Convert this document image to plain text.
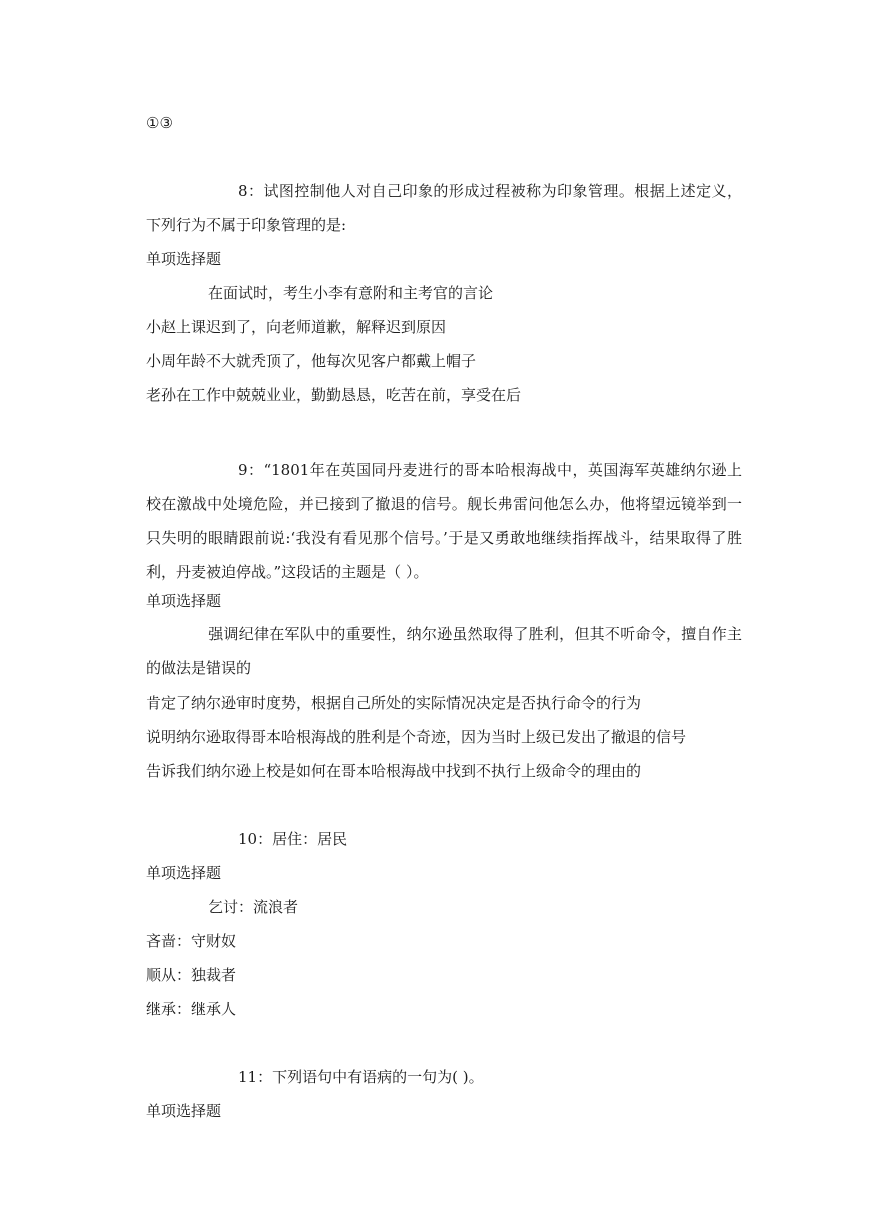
①③
8：试图控制他人对自己印象的形成过程被称为印象管理。根据上述定义，下列行为不属于印象管理的是:
单项选择题
在面试时，考生小李有意附和主考官的言论
小赵上课迟到了，向老师道歉，解释迟到原因
小周年龄不大就秃顶了，他每次见客户都戴上帽子
老孙在工作中兢兢业业，勤勤恳恳，吃苦在前，享受在后
9：“1801年在英国同丹麦进行的哥本哈根海战中，英国海军英雄纳尔逊上校在激战中处境危险，并已接到了撤退的信号。舰长弗雷问他怎么办，他将望远镜举到一只失明的眼睛跟前说:‘我没有看见那个信号。’于是又勇敢地继续指挥战斗，结果取得了胜利，丹麦被迫停战。”这段话的主题是（ ）。
单项选择题
强调纪律在军队中的重要性，纳尔逊虽然取得了胜利，但其不听命令，擅自作主的做法是错误的
肯定了纳尔逊审时度势，根据自己所处的实际情况决定是否执行命令的行为
说明纳尔逊取得哥本哈根海战的胜利是个奇迹，因为当时上级已发出了撤退的信号
告诉我们纳尔逊上校是如何在哥本哈根海战中找到不执行上级命令的理由的
10：居住：居民
单项选择题
乞讨：流浪者
吝啬：守财奴
顺从：独裁者
继承：继承人
11：下列语句中有语病的一句为( )。
单项选择题
